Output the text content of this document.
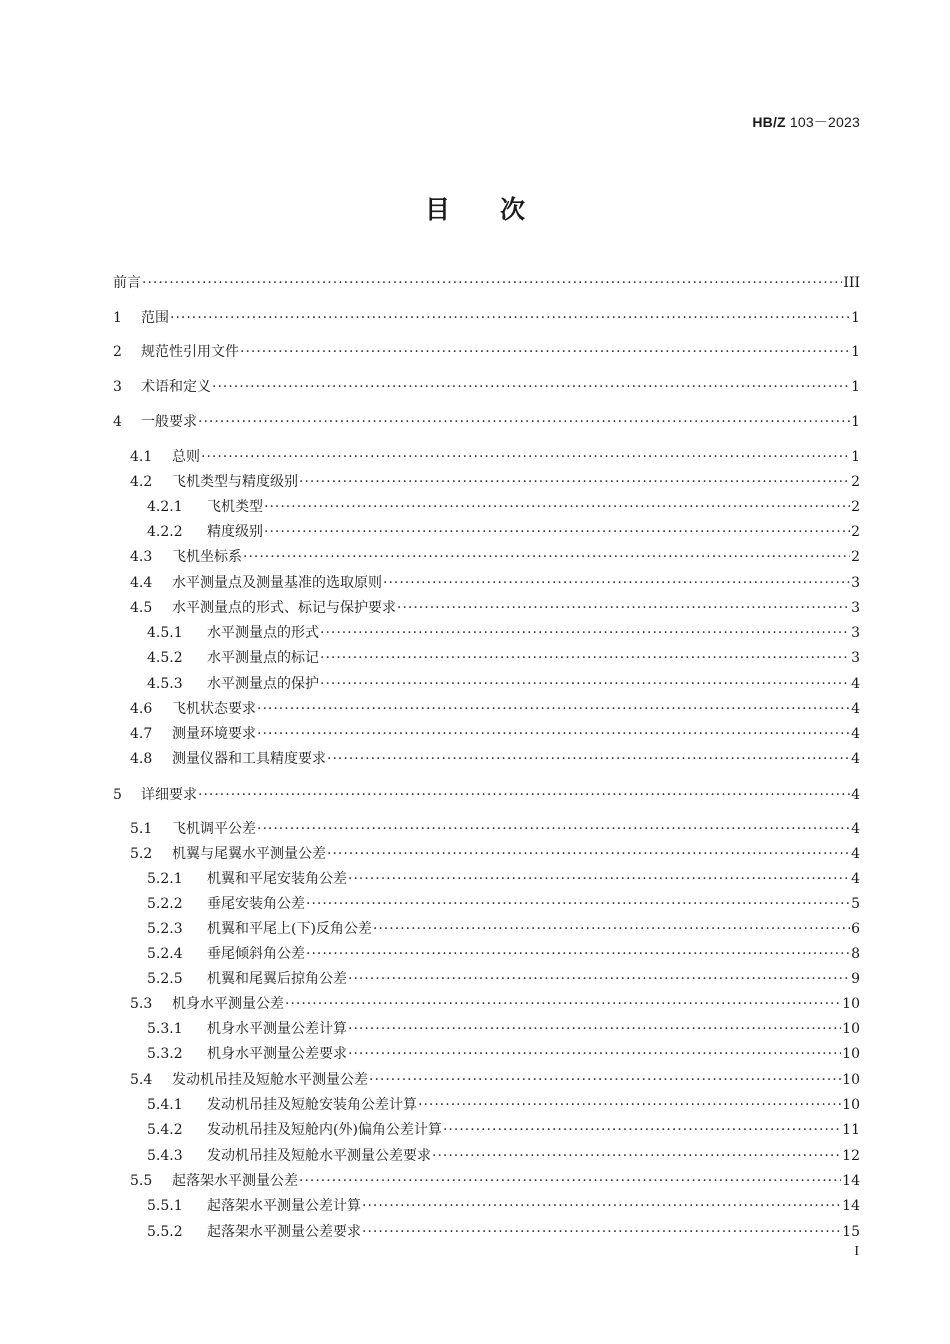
HB/Z 103－2023
目　　次
前言 ·····	III
1 范围 ·····	1
2 规范性引用文件 ·····	1
3 术语和定义 ·····	1
4 一般要求 ·····	1
4.1 总则 ·····	1
4.2 飞机类型与精度级别 ·····	2
4.2.1 飞机类型 ·····	2
4.2.2 精度级别 ·····	2
4.3 飞机坐标系 ·····	2
4.4 水平测量点及测量基准的选取原则 ·····	3
4.5 水平测量点的形式、标记与保护要求 ·····	3
4.5.1 水平测量点的形式 ·····	3
4.5.2 水平测量点的标记 ·····	3
4.5.3 水平测量点的保护 ·····	4
4.6 飞机状态要求 ·····	4
4.7 测量环境要求 ·····	4
4.8 测量仪器和工具精度要求 ·····	4
5 详细要求 ·····	4
5.1 飞机调平公差 ·····	4
5.2 机翼与尾翼水平测量公差 ·····	4
5.2.1 机翼和平尾安装角公差 ·····	4
5.2.2 垂尾安装角公差 ·····	5
5.2.3 机翼和平尾上(下)反角公差 ·····	6
5.2.4 垂尾倾斜角公差 ·····	8
5.2.5 机翼和尾翼后掠角公差 ·····	9
5.3 机身水平测量公差 ·····	10
5.3.1 机身水平测量公差计算 ·····	10
5.3.2 机身水平测量公差要求 ·····	10
5.4 发动机吊挂及短舱水平测量公差 ·····	10
5.4.1 发动机吊挂及短舱安装角公差计算 ·····	10
5.4.2 发动机吊挂及短舱内(外)偏角公差计算 ·····	11
5.4.3 发动机吊挂及短舱水平测量公差要求 ·····	12
5.5 起落架水平测量公差 ·····	14
5.5.1 起落架水平测量公差计算 ·····	14
5.5.2 起落架水平测量公差要求 ·····	15
I
